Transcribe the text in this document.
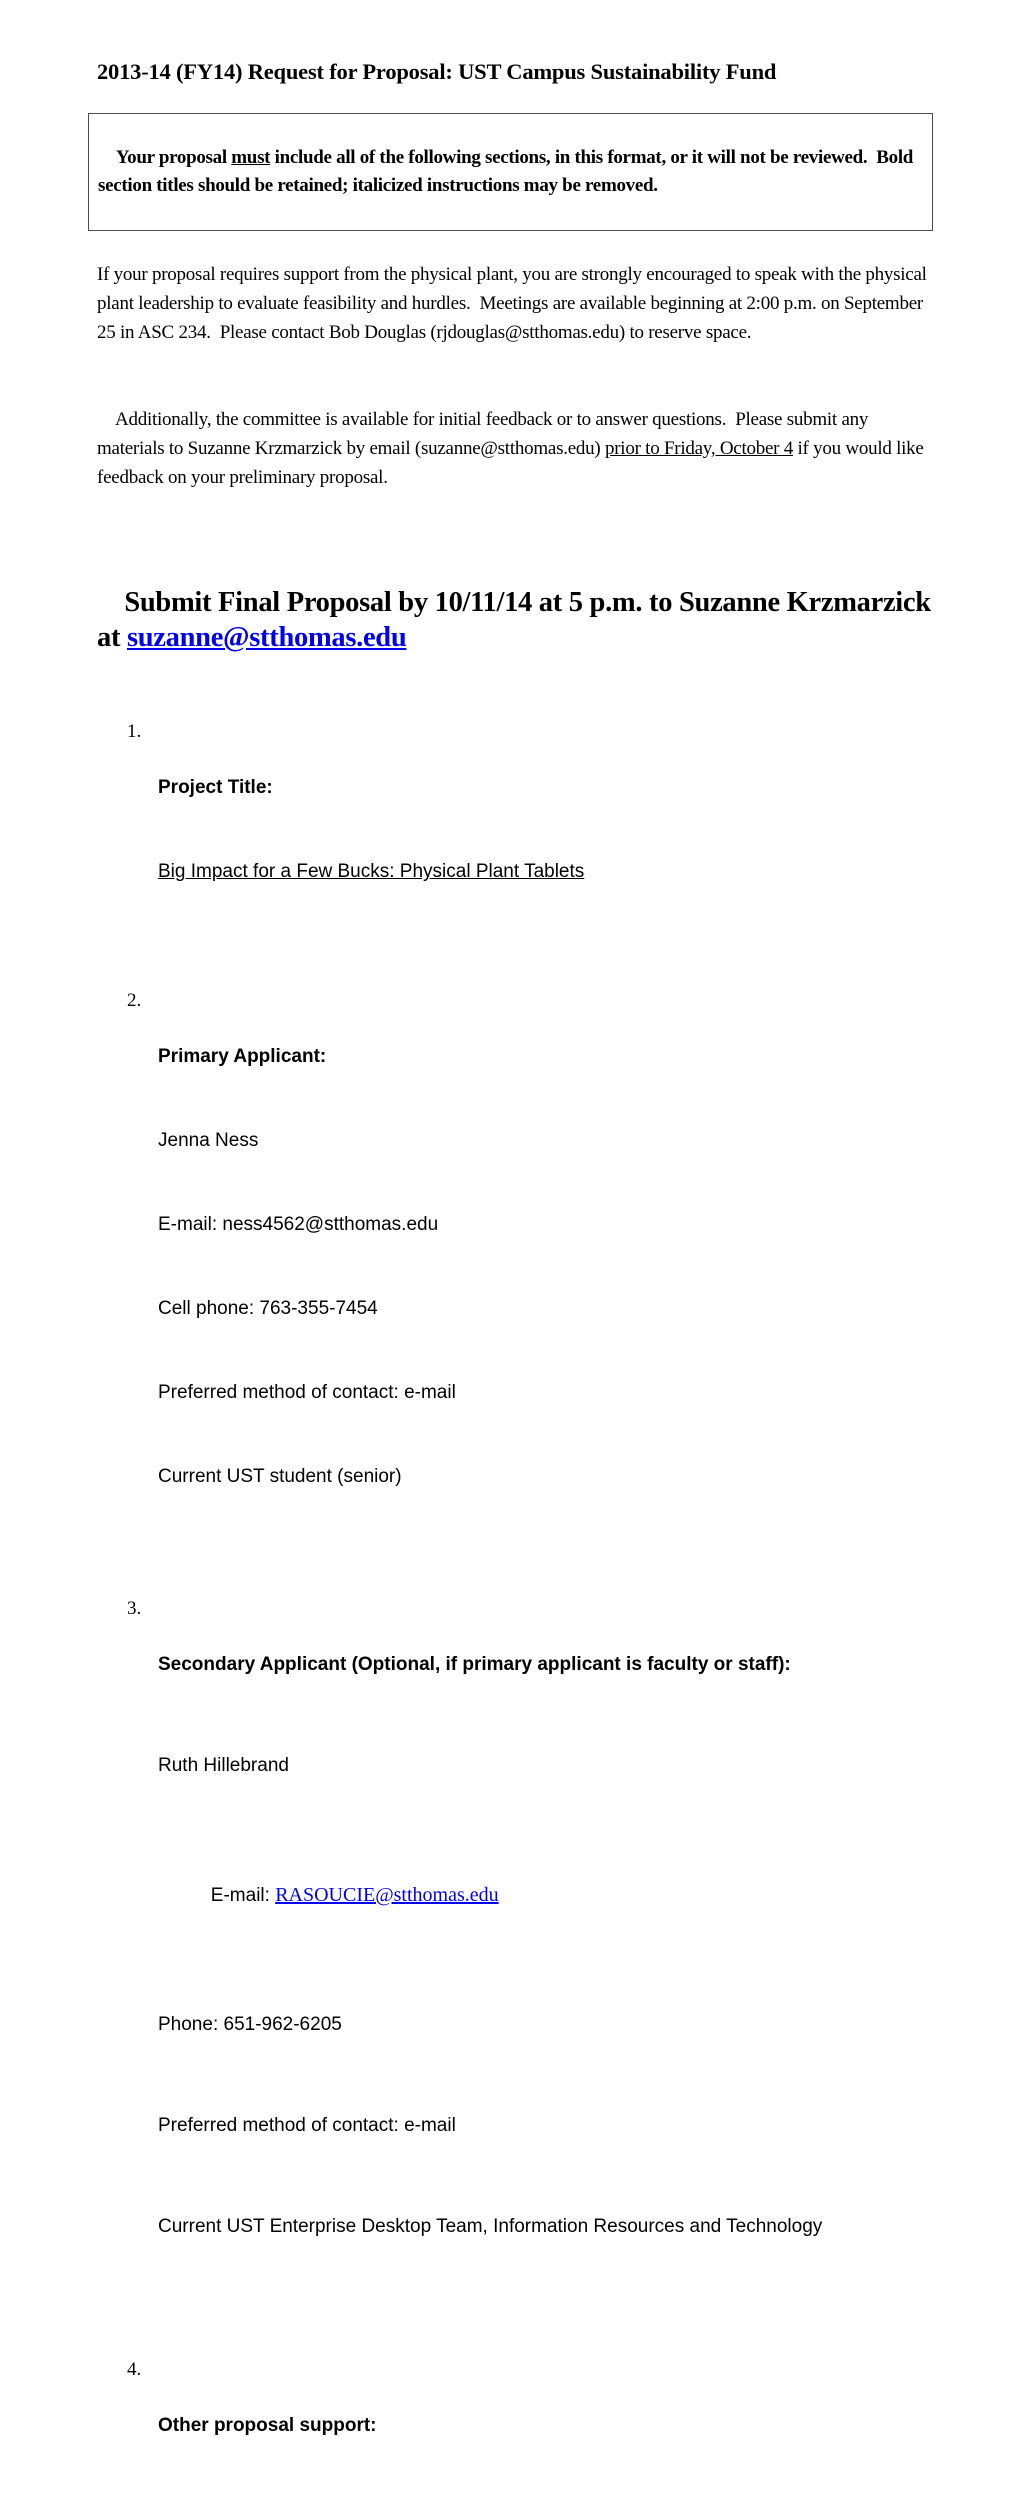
2013-14 (FY14) Request for Proposal: UST Campus Sustainability Fund

Your proposal must include all of the following sections, in this format, or it will not be reviewed.  Bold section titles should be retained; italicized instructions may be removed.

If your proposal requires support from the physical plant, you are strongly encouraged to speak with the physical plant leadership to evaluate feasibility and hurdles.  Meetings are available beginning at 2:00 p.m. on September 25 in ASC 234.  Please contact Bob Douglas (rjdouglas@stthomas.edu) to reserve space.

Additionally, the committee is available for initial feedback or to answer questions.  Please submit any materials to Suzanne Krzmarzick by email (suzanne@stthomas.edu) prior to Friday, October 4 if you would like feedback on your preliminary proposal.

Submit Final Proposal by 10/11/14 at 5 p.m. to Suzanne Krzmarzick at suzanne@stthomas.edu

1.

Project Title:

Big Impact for a Few Bucks: Physical Plant Tablets

2.

Primary Applicant:

Jenna Ness

E-mail: ness4562@stthomas.edu

Cell phone: 763-355-7454

Preferred method of contact: e-mail

Current UST student (senior)

3.

Secondary Applicant (Optional, if primary applicant is faculty or staff):

Ruth Hillebrand

E-mail: RASOUCIE@stthomas.edu

Phone: 651-962-6205

Preferred method of contact: e-mail

Current UST Enterprise Desktop Team, Information Resources and Technology

4.

Other proposal support:
